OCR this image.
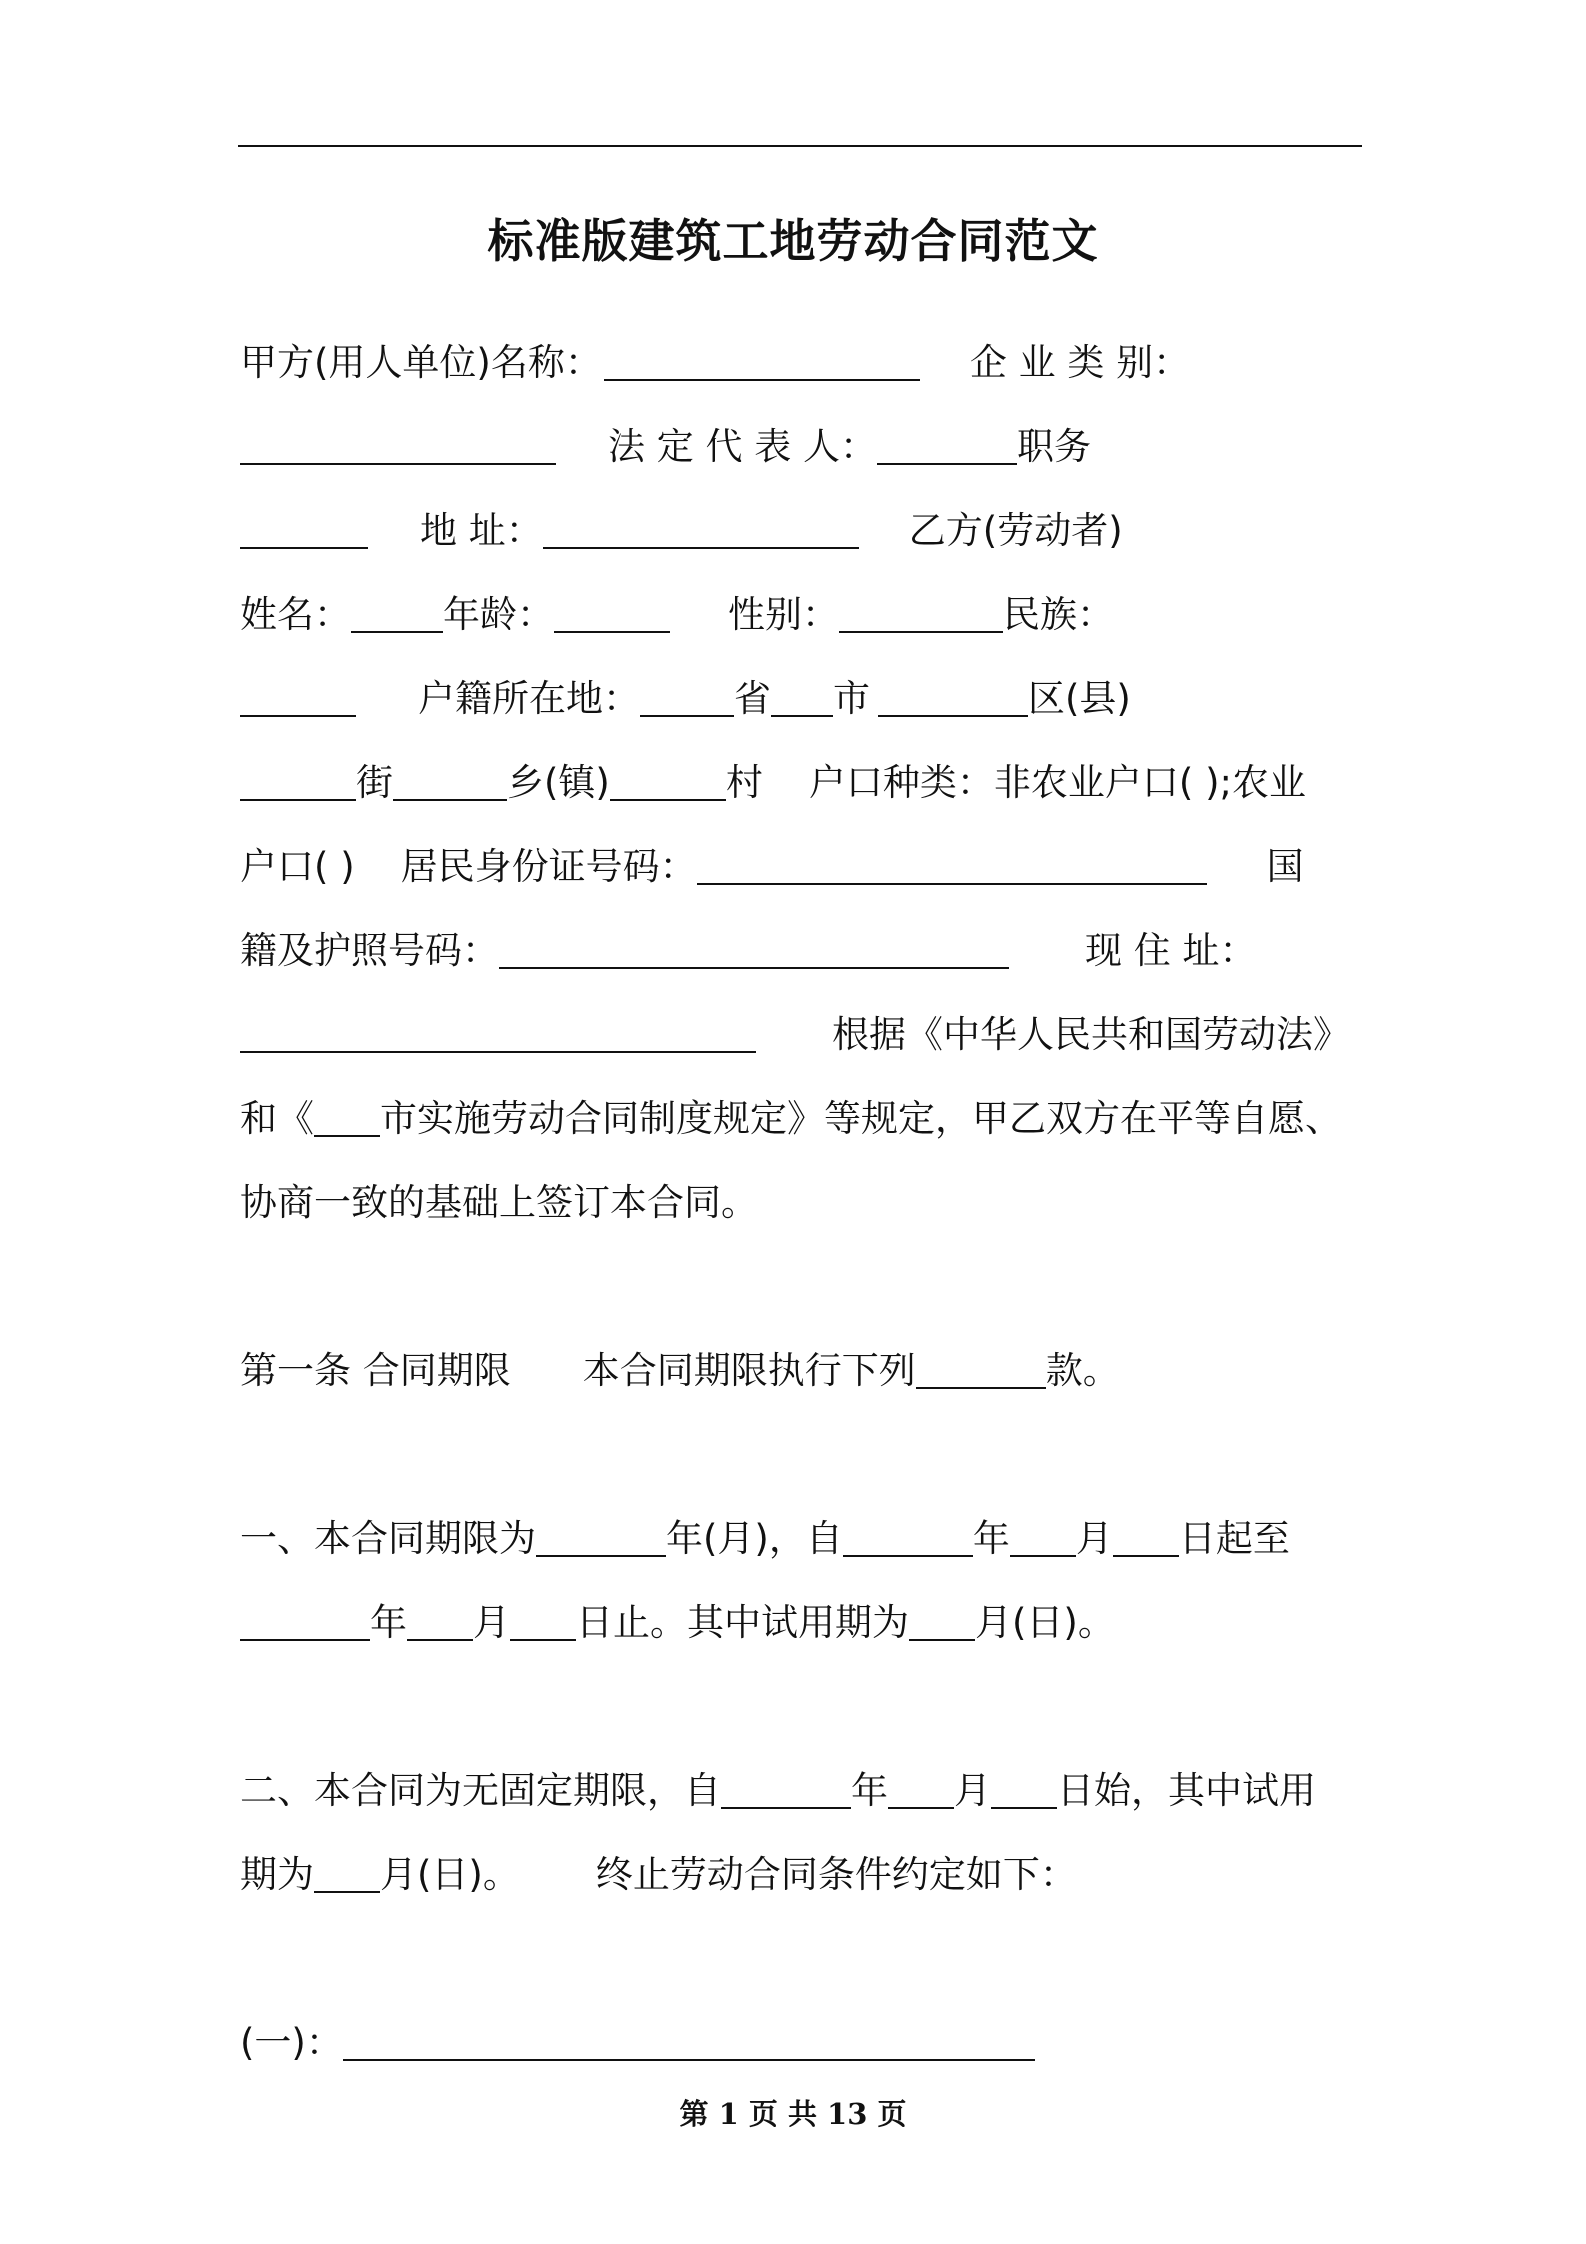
标准版建筑工地劳动合同范文
甲方(用人单位)名称：	企 业 类 别：
法 定 代 表 人：	职务
地 址：	乙方(劳动者)
姓名： 年龄：	性别：	民族：
户籍所在地：	省 市	区(县)
街	乡(镇)	村 户口种类：非农业户口( );农业
户口( ) 居民身份证号码：	国
籍及护照号码：	现 住 址：
根据《中华人民共和国劳动法》
和《 市实施劳动合同制度规定》等规定，甲乙双方在平等自愿、
协商一致的基础上签订本合同。
第一条 合同期限 本合同期限执行下列	款。
一、本合同期限为	年(月)，自	年 月 日起至
年 月 日止。其中试用期为 月(日)。
二、本合同为无固定期限，自	年 月 日始，其中试用
期为 月(日)。 终止劳动合同条件约定如下：
(一)：
第 1 页 共 13 页
